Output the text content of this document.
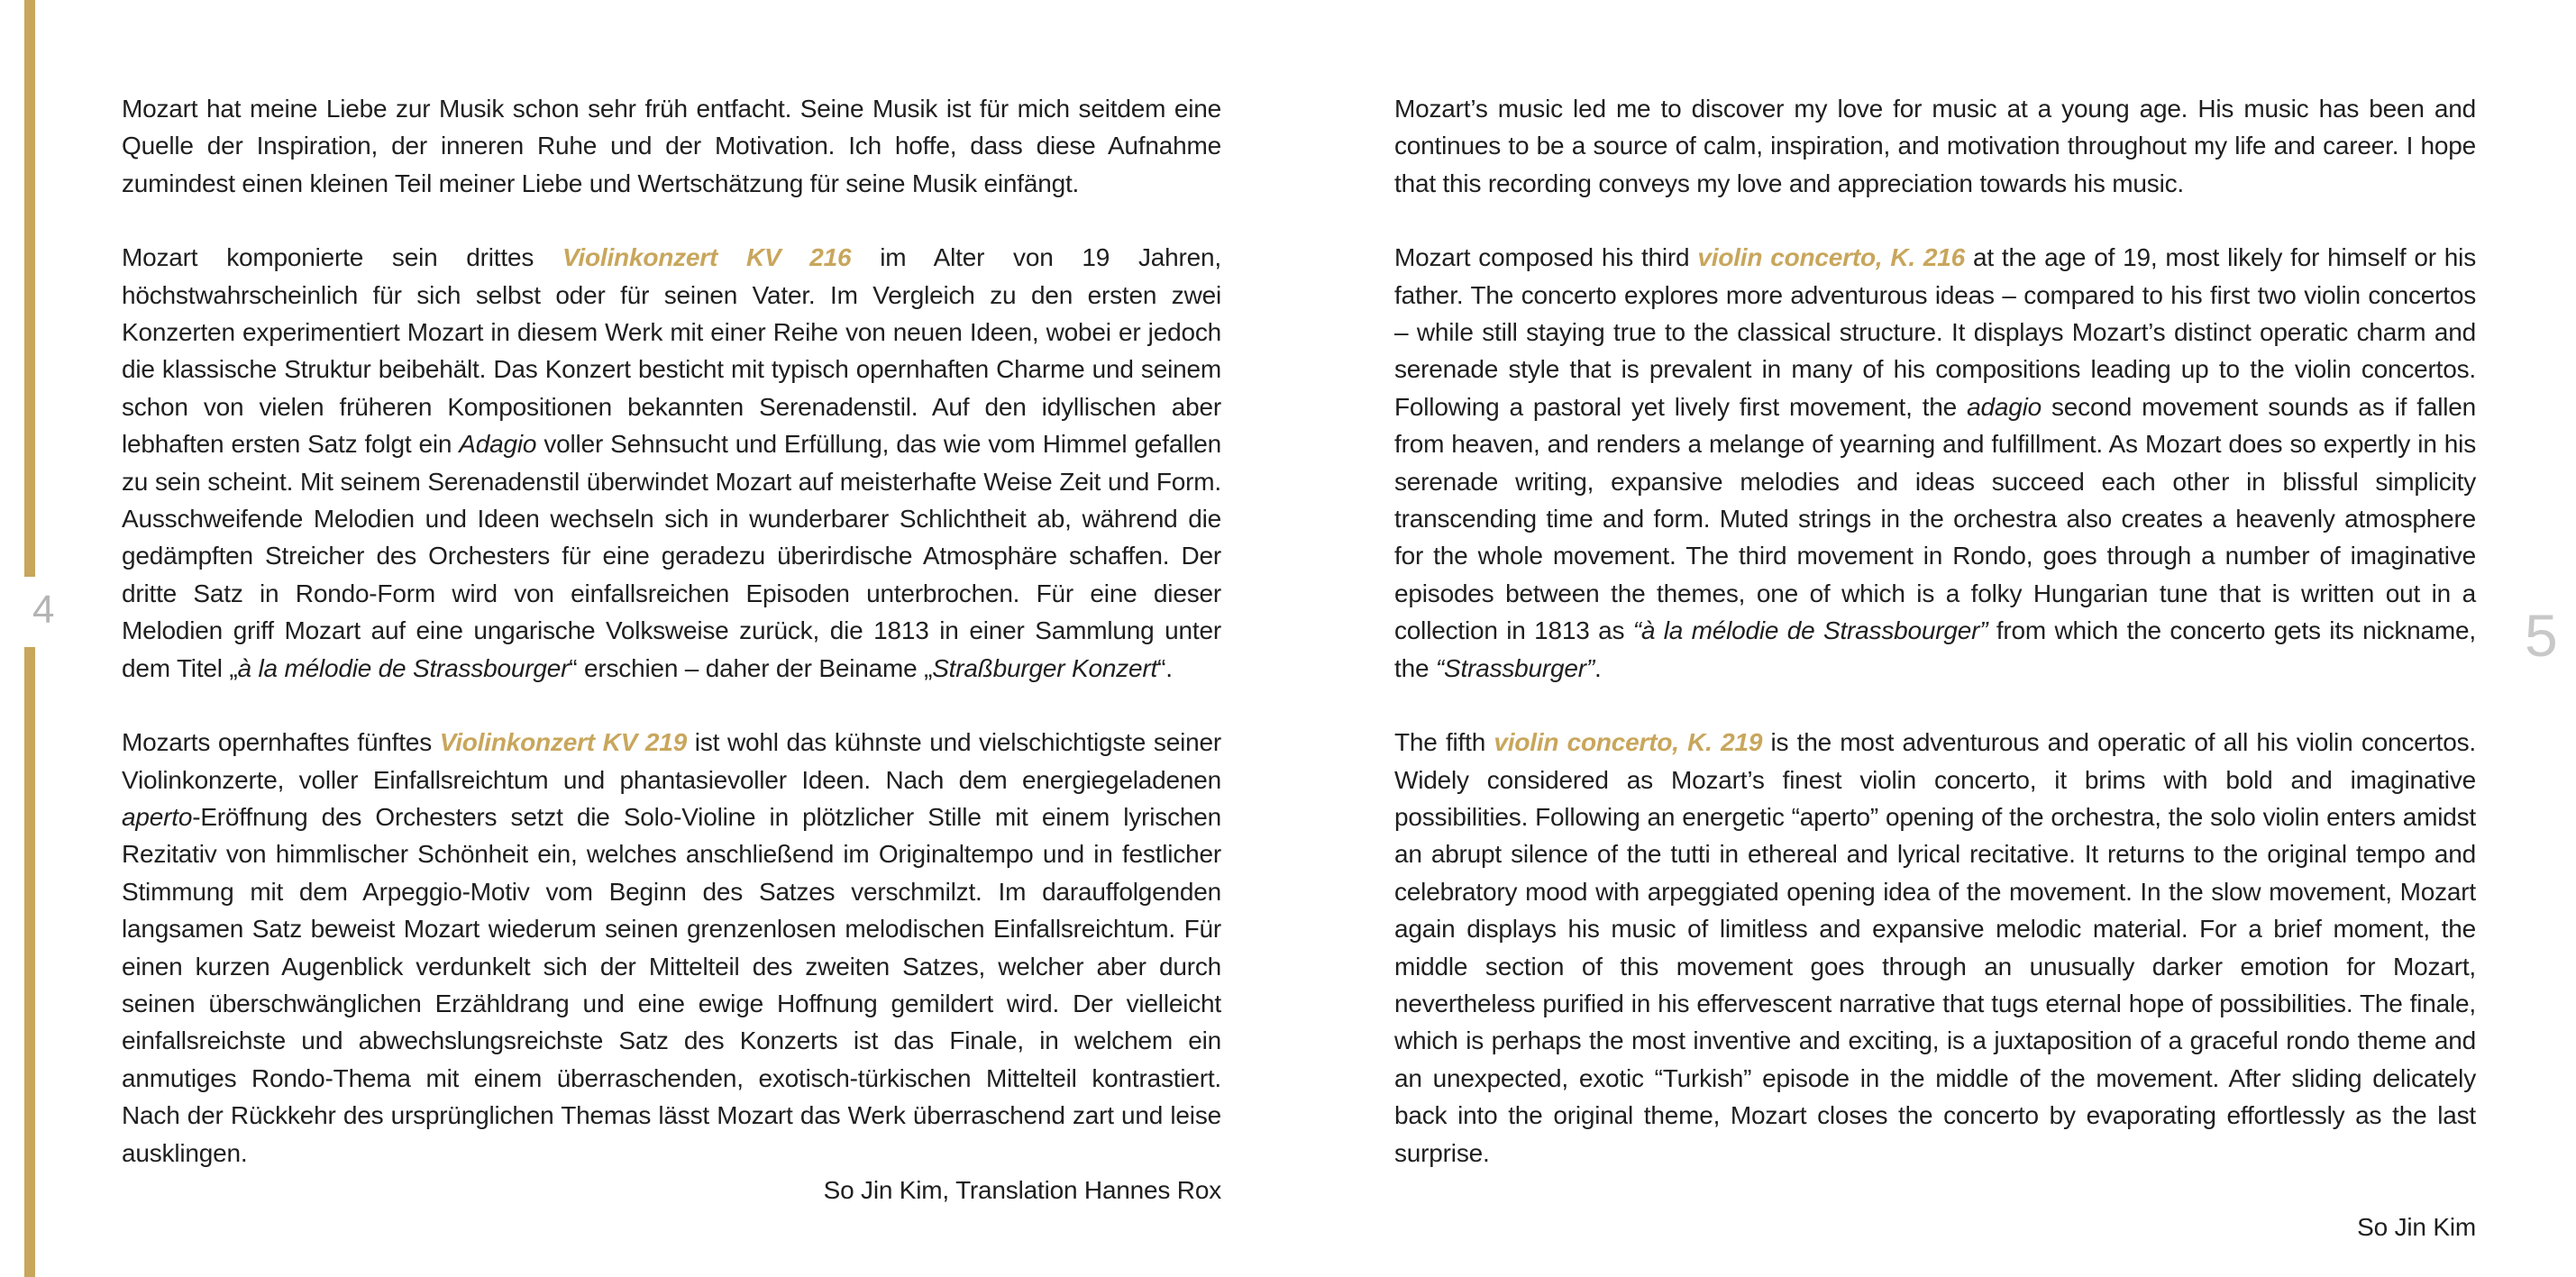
4	5

Mozart hat meine Liebe zur Musik schon sehr früh entfacht. Seine Musik ist für mich seitdem eine Quelle der Inspiration, der inneren Ruhe und der Motivation. Ich hoffe, dass diese Aufnahme zumindest einen kleinen Teil meiner Liebe und Wertschätzung für seine Musik einfängt.

Mozart komponierte sein drittes Violinkonzert KV 216 im Alter von 19 Jahren, höchstwahrscheinlich für sich selbst oder für seinen Vater. Im Vergleich zu den ersten zwei Konzerten experimentiert Mozart in diesem Werk mit einer Reihe von neuen Ideen, wobei er jedoch die klassische Struktur beibehält. Das Konzert besticht mit typisch opernhaften Charme und seinem schon von vielen früheren Kompositionen bekannten Serenadenstil. Auf den idyllischen aber lebhaften ersten Satz folgt ein Adagio voller Sehnsucht und Erfüllung, das wie vom Himmel gefallen zu sein scheint. Mit seinem Serenadenstil überwindet Mozart auf meisterhafte Weise Zeit und Form. Ausschweifende Melodien und Ideen wechseln sich in wunderbarer Schlichtheit ab, während die gedämpften Streicher des Orchesters für eine geradezu überirdische Atmosphäre schaffen. Der dritte Satz in Rondo-Form wird von einfallsreichen Episoden unterbrochen. Für eine dieser Melodien griff Mozart auf eine ungarische Volksweise zurück, die 1813 in einer Sammlung unter dem Titel „à la mélodie de Strassbourger“ erschien – daher der Beiname „Straßburger Konzert“.

Mozarts opernhaftes fünftes Violinkonzert KV 219 ist wohl das kühnste und vielschichtigste seiner Violinkonzerte, voller Einfallsreichtum und phantasievoller Ideen. Nach dem energiegeladenen aperto-Eröffnung des Orchesters setzt die Solo-Violine in plötzlicher Stille mit einem lyrischen Rezitativ von himmlischer Schönheit ein, welches anschließend im Originaltempo und in festlicher Stimmung mit dem Arpeggio-Motiv vom Beginn des Satzes verschmilzt. Im darauffolgenden langsamen Satz beweist Mozart wiederum seinen grenzenlosen melodischen Einfallsreichtum. Für einen kurzen Augenblick verdunkelt sich der Mittelteil des zweiten Satzes, welcher aber durch seinen überschwänglichen Erzähldrang und eine ewige Hoffnung gemildert wird. Der vielleicht einfallsreichste und abwechslungsreichste Satz des Konzerts ist das Finale, in welchem ein anmutiges Rondo-Thema mit einem überraschenden, exotisch-türkischen Mittelteil kontrastiert. Nach der Rückkehr des ursprünglichen Themas lässt Mozart das Werk überraschend zart und leise ausklingen.

So Jin Kim, Translation Hannes Rox

Mozart’s music led me to discover my love for music at a young age. His music has been and continues to be a source of calm, inspiration, and motivation throughout my life and career. I hope that this recording conveys my love and appreciation towards his music.

Mozart composed his third violin concerto, K. 216 at the age of 19, most likely for himself or his father. The concerto explores more adventurous ideas – compared to his first two violin concertos – while still staying true to the classical structure. It displays Mozart’s distinct operatic charm and serenade style that is prevalent in many of his compositions leading up to the violin concertos. Following a pastoral yet lively first movement, the adagio second movement sounds as if fallen from heaven, and renders a melange of yearning and fulfillment. As Mozart does so expertly in his serenade writing, expansive melodies and ideas succeed each other in blissful simplicity transcending time and form. Muted strings in the orchestra also creates a heavenly atmosphere for the whole movement. The third movement in Rondo, goes through a number of imaginative episodes between the themes, one of which is a folky Hungarian tune that is written out in a collection in 1813 as “à la mélodie de Strassbourger” from which the concerto gets its nickname, the “Strassburger”.

The fifth violin concerto, K. 219 is the most adventurous and operatic of all his violin concertos. Widely considered as Mozart’s finest violin concerto, it brims with bold and imaginative possibilities. Following an energetic “aperto” opening of the orchestra, the solo violin enters amidst an abrupt silence of the tutti in ethereal and lyrical recitative. It returns to the original tempo and celebratory mood with arpeggiated opening idea of the movement. In the slow movement, Mozart again displays his music of limitless and expansive melodic material. For a brief moment, the middle section of this movement goes through an unusually darker emotion for Mozart, nevertheless purified in his effervescent narrative that tugs eternal hope of possibilities. The finale, which is perhaps the most inventive and exciting, is a juxtaposition of a graceful rondo theme and an unexpected, exotic “Turkish” episode in the middle of the movement. After sliding delicately back into the original theme, Mozart closes the concerto by evaporating effortlessly as the last surprise.

So Jin Kim
